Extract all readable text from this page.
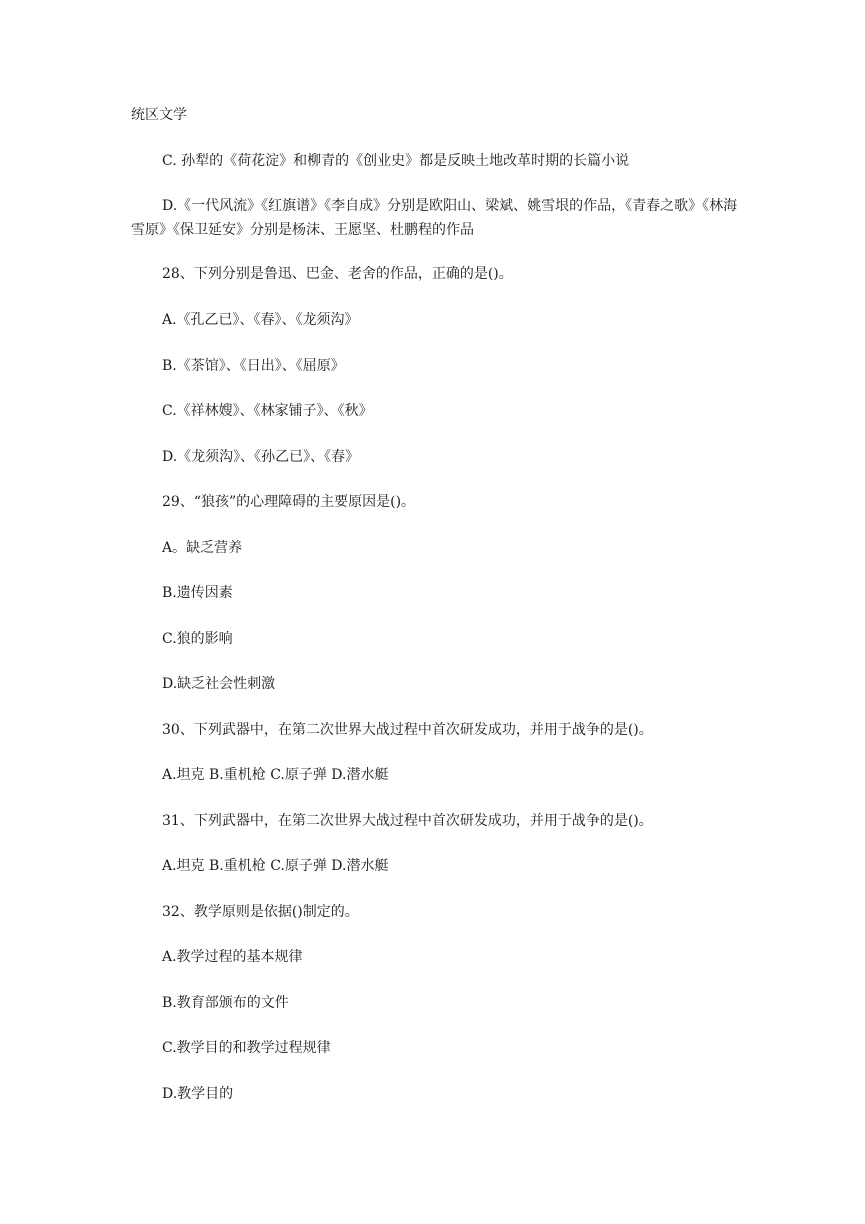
统区文学
C. 孙犁的《荷花淀》和柳青的《创业史》都是反映土地改革时期的长篇小说
D.《一代风流》《红旗谱》《李自成》分别是欧阳山、梁斌、姚雪垠的作品，《青春之歌》《林海雪原》《保卫延安》分别是杨沫、王愿坚、杜鹏程的作品
28、下列分别是鲁迅、巴金、老舍的作品，正确的是()。
A.《孔乙已》、《春》、《龙须沟》
B.《茶馆》、《日出》、《屈原》
C.《祥林嫂》、《林家铺子》、《秋》
D.《龙须沟》、《孙乙已》、《春》
29、“狼孩”的心理障碍的主要原因是()。
A。缺乏营养
B.遗传因素
C.狼的影响
D.缺乏社会性刺激
30、下列武器中，在第二次世界大战过程中首次研发成功，并用于战争的是()。
A.坦克 B.重机枪 C.原子弹 D.潜水艇
31、下列武器中，在第二次世界大战过程中首次研发成功，并用于战争的是()。
A.坦克 B.重机枪 C.原子弹 D.潜水艇
32、教学原则是依据()制定的。
A.教学过程的基本规律
B.教育部颁布的文件
C.教学目的和教学过程规律
D.教学目的
